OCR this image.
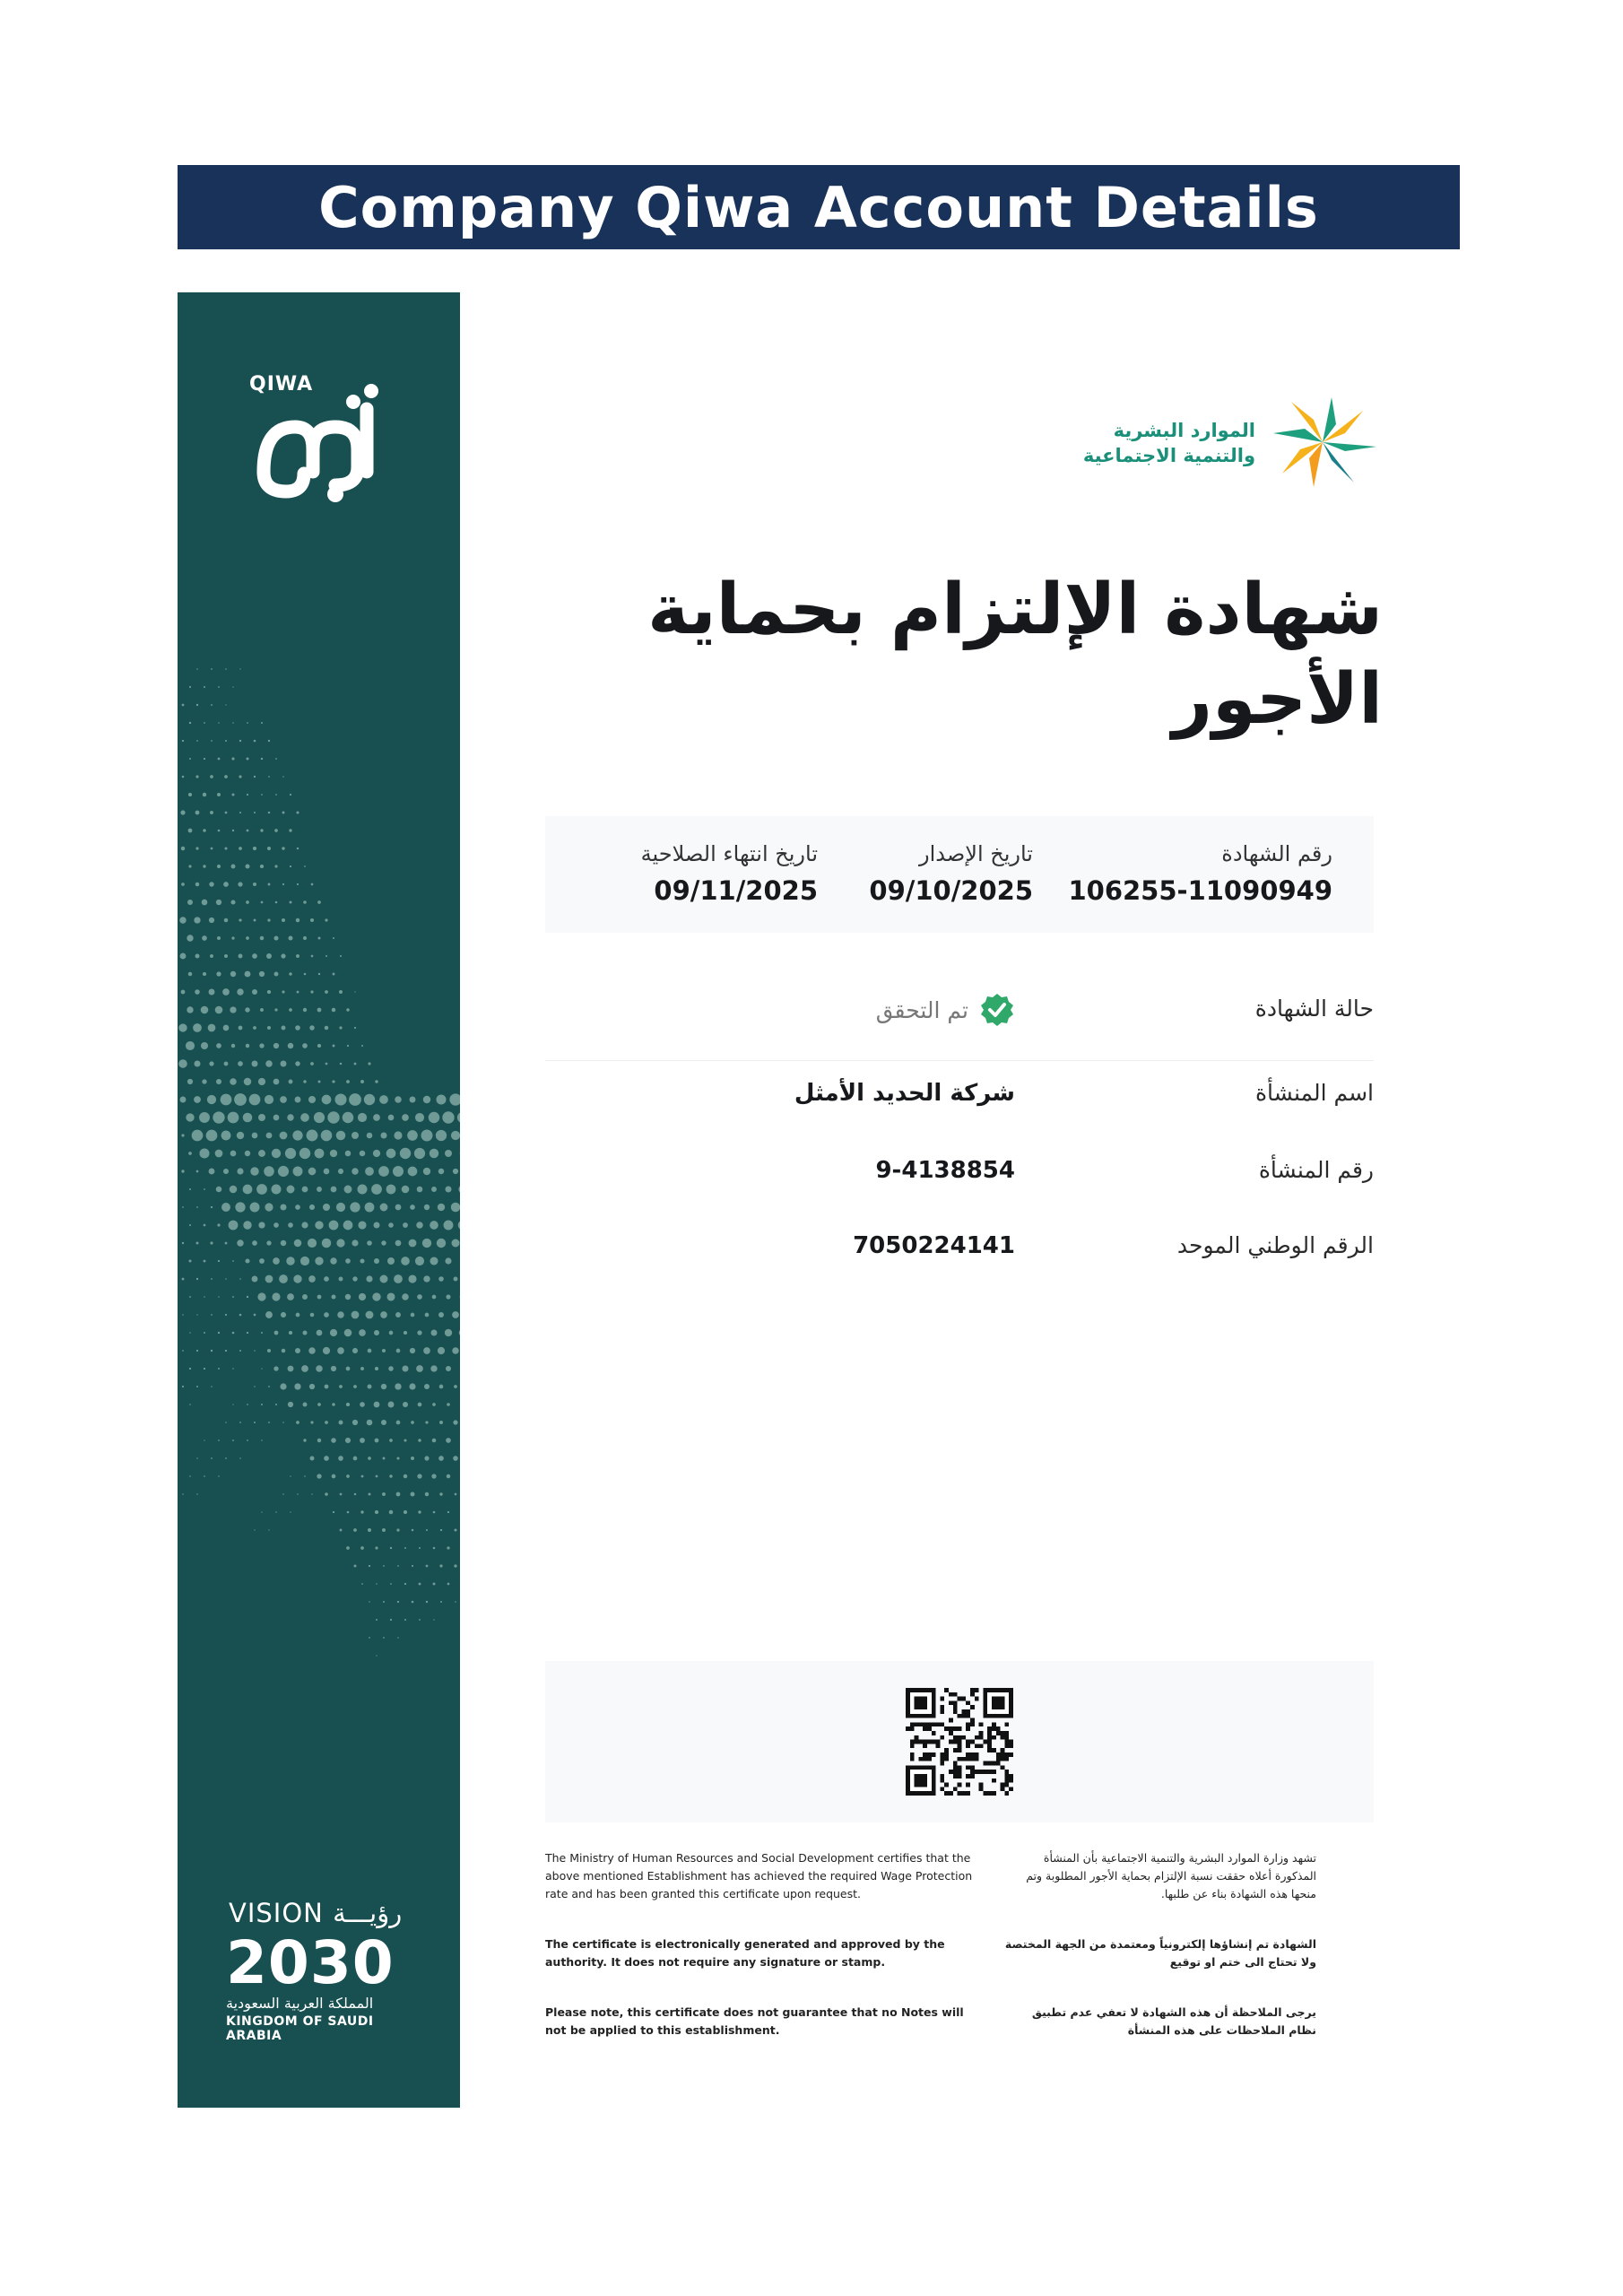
Company Qiwa Account Details
QIWA
VISION رؤيـــة
2030
المملكة العربية السعودية
KINGDOM OF SAUDI ARABIA
الموارد البشرية
والتنمية الاجتماعية
شهادة الإلتزام بحماية الأجور
رقم الشهادة
106255-11090949
تاريخ الإصدار
09/10/2025
تاريخ انتهاء الصلاحية
09/11/2025
حالة الشهادة
تم التحقق
اسم المنشأة
شركة الحديد الأمثل
رقم المنشأة
9-4138854
الرقم الوطني الموحد
7050224141
The Ministry of Human Resources and Social Development certifies that the above mentioned Establishment has achieved the required Wage Protection rate and has been granted this certificate upon request.
The certificate is electronically generated and approved by the authority. It does not require any signature or stamp.
Please note, this certificate does not guarantee that no Notes will not be applied to this establishment.
تشهد وزارة الموارد البشرية والتنمية الاجتماعية بأن المنشأة المذكورة أعلاه حققت نسبة الإلتزام بحماية الأجور المطلوبة وتم منحها هذه الشهادة بناء عن طلبها.
الشهادة تم إنشاؤها إلكترونياً ومعتمدة من الجهة المختصة ولا تحتاج الى ختم او توقيع
يرجى الملاحظة أن هذه الشهادة لا تعفي عدم تطبيق نظام الملاحظات على هذه المنشأة
